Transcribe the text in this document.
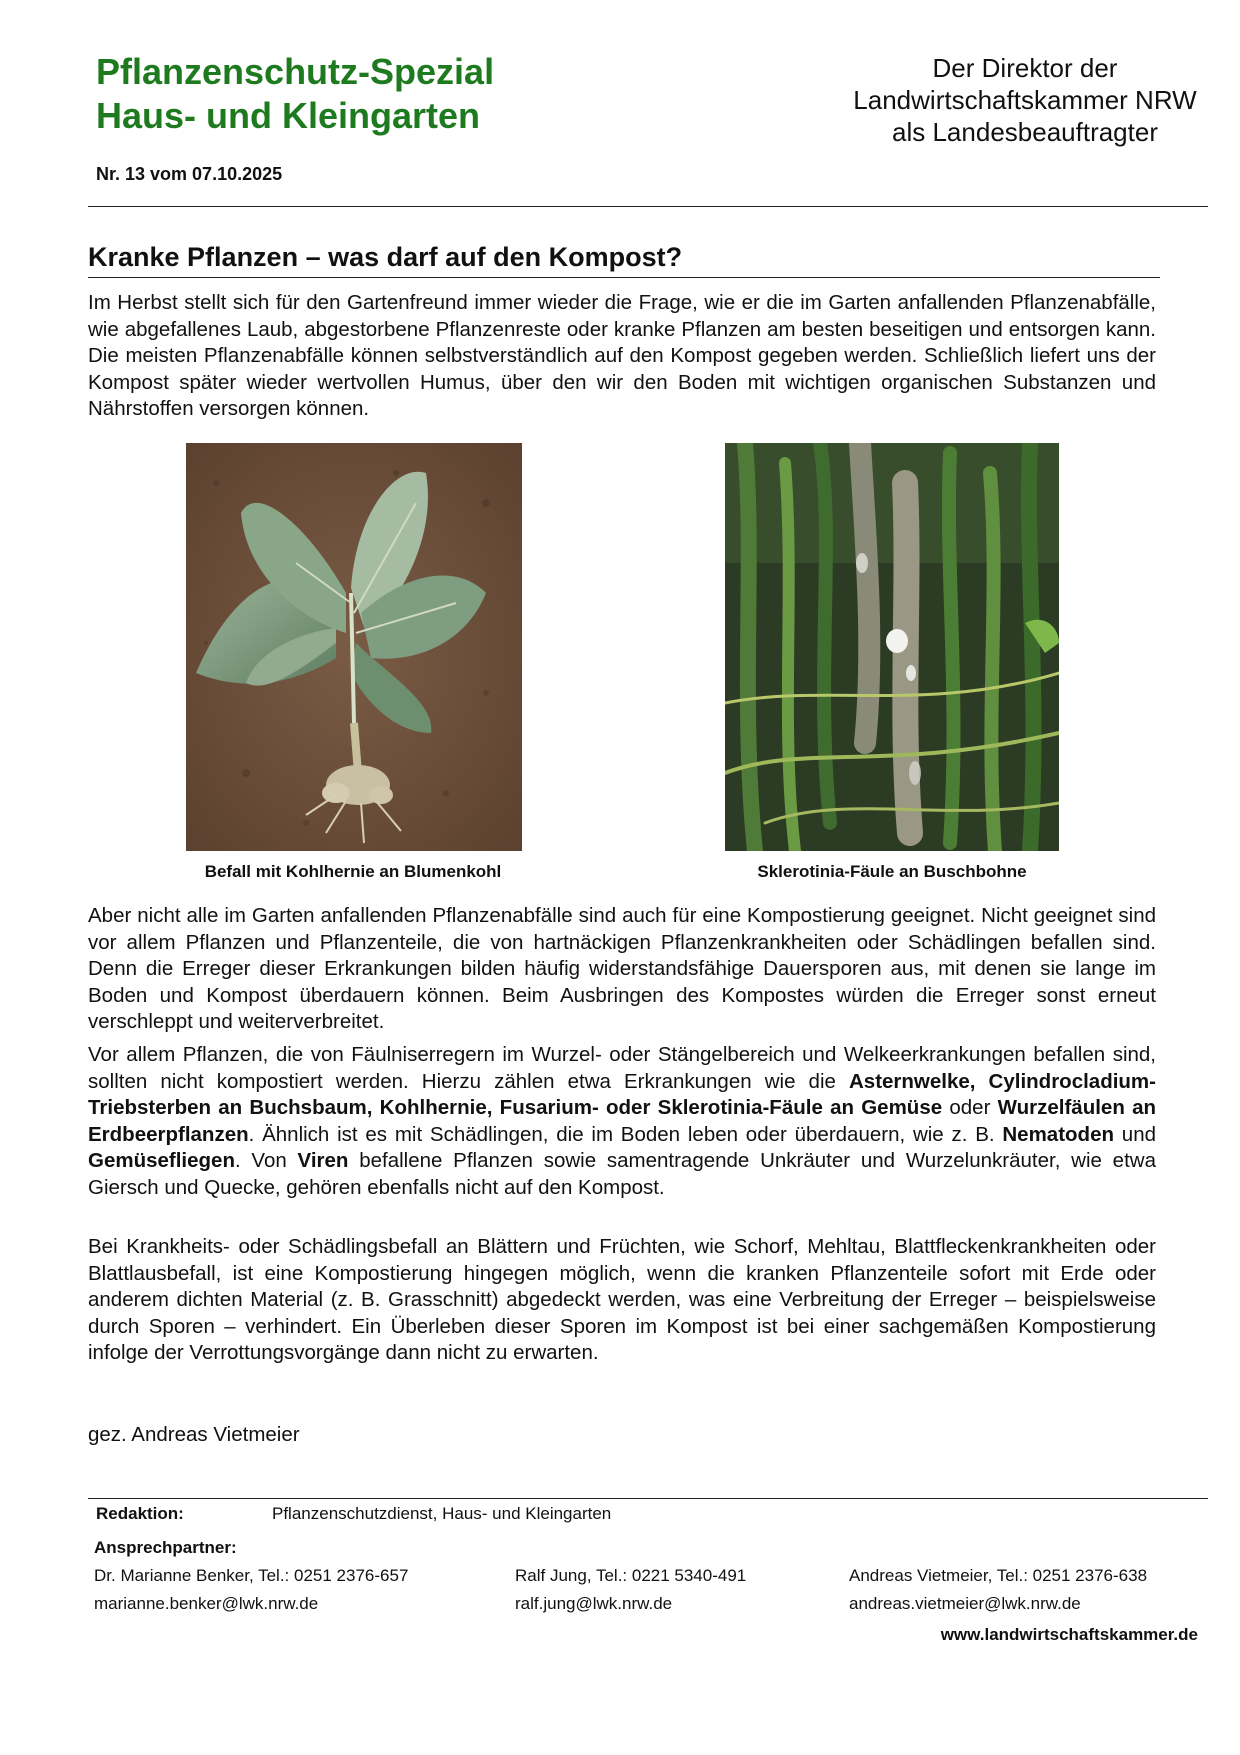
Pflanzenschutz-Spezial
Haus- und Kleingarten
Der Direktor der
Landwirtschaftskammer NRW
als Landesbeauftragter
Nr. 13 vom 07.10.2025
Kranke Pflanzen – was darf auf den Kompost?

Im Herbst stellt sich für den Gartenfreund immer wieder die Frage, wie er die im Garten anfallenden Pflanzenabfälle, wie abgefallenes Laub, abgestorbene Pflanzenreste oder kranke Pflanzen am besten beseitigen und entsorgen kann. Die meisten Pflanzenabfälle können selbstverständlich auf den Kompost gegeben werden. Schließlich liefert uns der Kompost später wieder wertvollen Humus, über den wir den Boden mit wichtigen organischen Substanzen und Nährstoffen versorgen können.

Befall mit Kohlhernie an Blumenkohl	Sklerotinia-Fäule an Buschbohne

Aber nicht alle im Garten anfallenden Pflanzenabfälle sind auch für eine Kompostierung geeignet. Nicht geeignet sind vor allem Pflanzen und Pflanzenteile, die von hartnäckigen Pflanzenkrankheiten oder Schädlingen befallen sind. Denn die Erreger dieser Erkrankungen bilden häufig widerstandsfähige Dauersporen aus, mit denen sie lange im Boden und Kompost überdauern können. Beim Ausbringen des Kompostes würden die Erreger sonst erneut verschleppt und weiterverbreitet.

Vor allem Pflanzen, die von Fäulniserregern im Wurzel- oder Stängelbereich und Welkeerkrankungen befallen sind, sollten nicht kompostiert werden. Hierzu zählen etwa Erkrankungen wie die Asternwelke, Cylindrocladium-Triebsterben an Buchsbaum, Kohlhernie, Fusarium- oder Sklerotinia-Fäule an Gemüse oder Wurzelfäulen an Erdbeerpflanzen. Ähnlich ist es mit Schädlingen, die im Boden leben oder überdauern, wie z. B. Nematoden und Gemüsefliegen. Von Viren befallene Pflanzen sowie samentragende Unkräuter und Wurzelunkräuter, wie etwa Giersch und Quecke, gehören ebenfalls nicht auf den Kompost.

Bei Krankheits- oder Schädlingsbefall an Blättern und Früchten, wie Schorf, Mehltau, Blattfleckenkrankheiten oder Blattlausbefall, ist eine Kompostierung hingegen möglich, wenn die kranken Pflanzenteile sofort mit Erde oder anderem dichten Material (z. B. Grasschnitt) abgedeckt werden, was eine Verbreitung der Erreger – beispielsweise durch Sporen – verhindert. Ein Überleben dieser Sporen im Kompost ist bei einer sachgemäßen Kompostierung infolge der Verrottungsvorgänge dann nicht zu erwarten.

gez. Andreas Vietmeier
Redaktion:	Pflanzenschutzdienst, Haus- und Kleingarten
Ansprechpartner:
Dr. Marianne Benker, Tel.: 0251 2376-657
marianne.benker@lwk.nrw.de
Ralf Jung, Tel.: 0221 5340-491
ralf.jung@lwk.nrw.de
Andreas Vietmeier, Tel.: 0251 2376-638
andreas.vietmeier@lwk.nrw.de
www.landwirtschaftskammer.de
